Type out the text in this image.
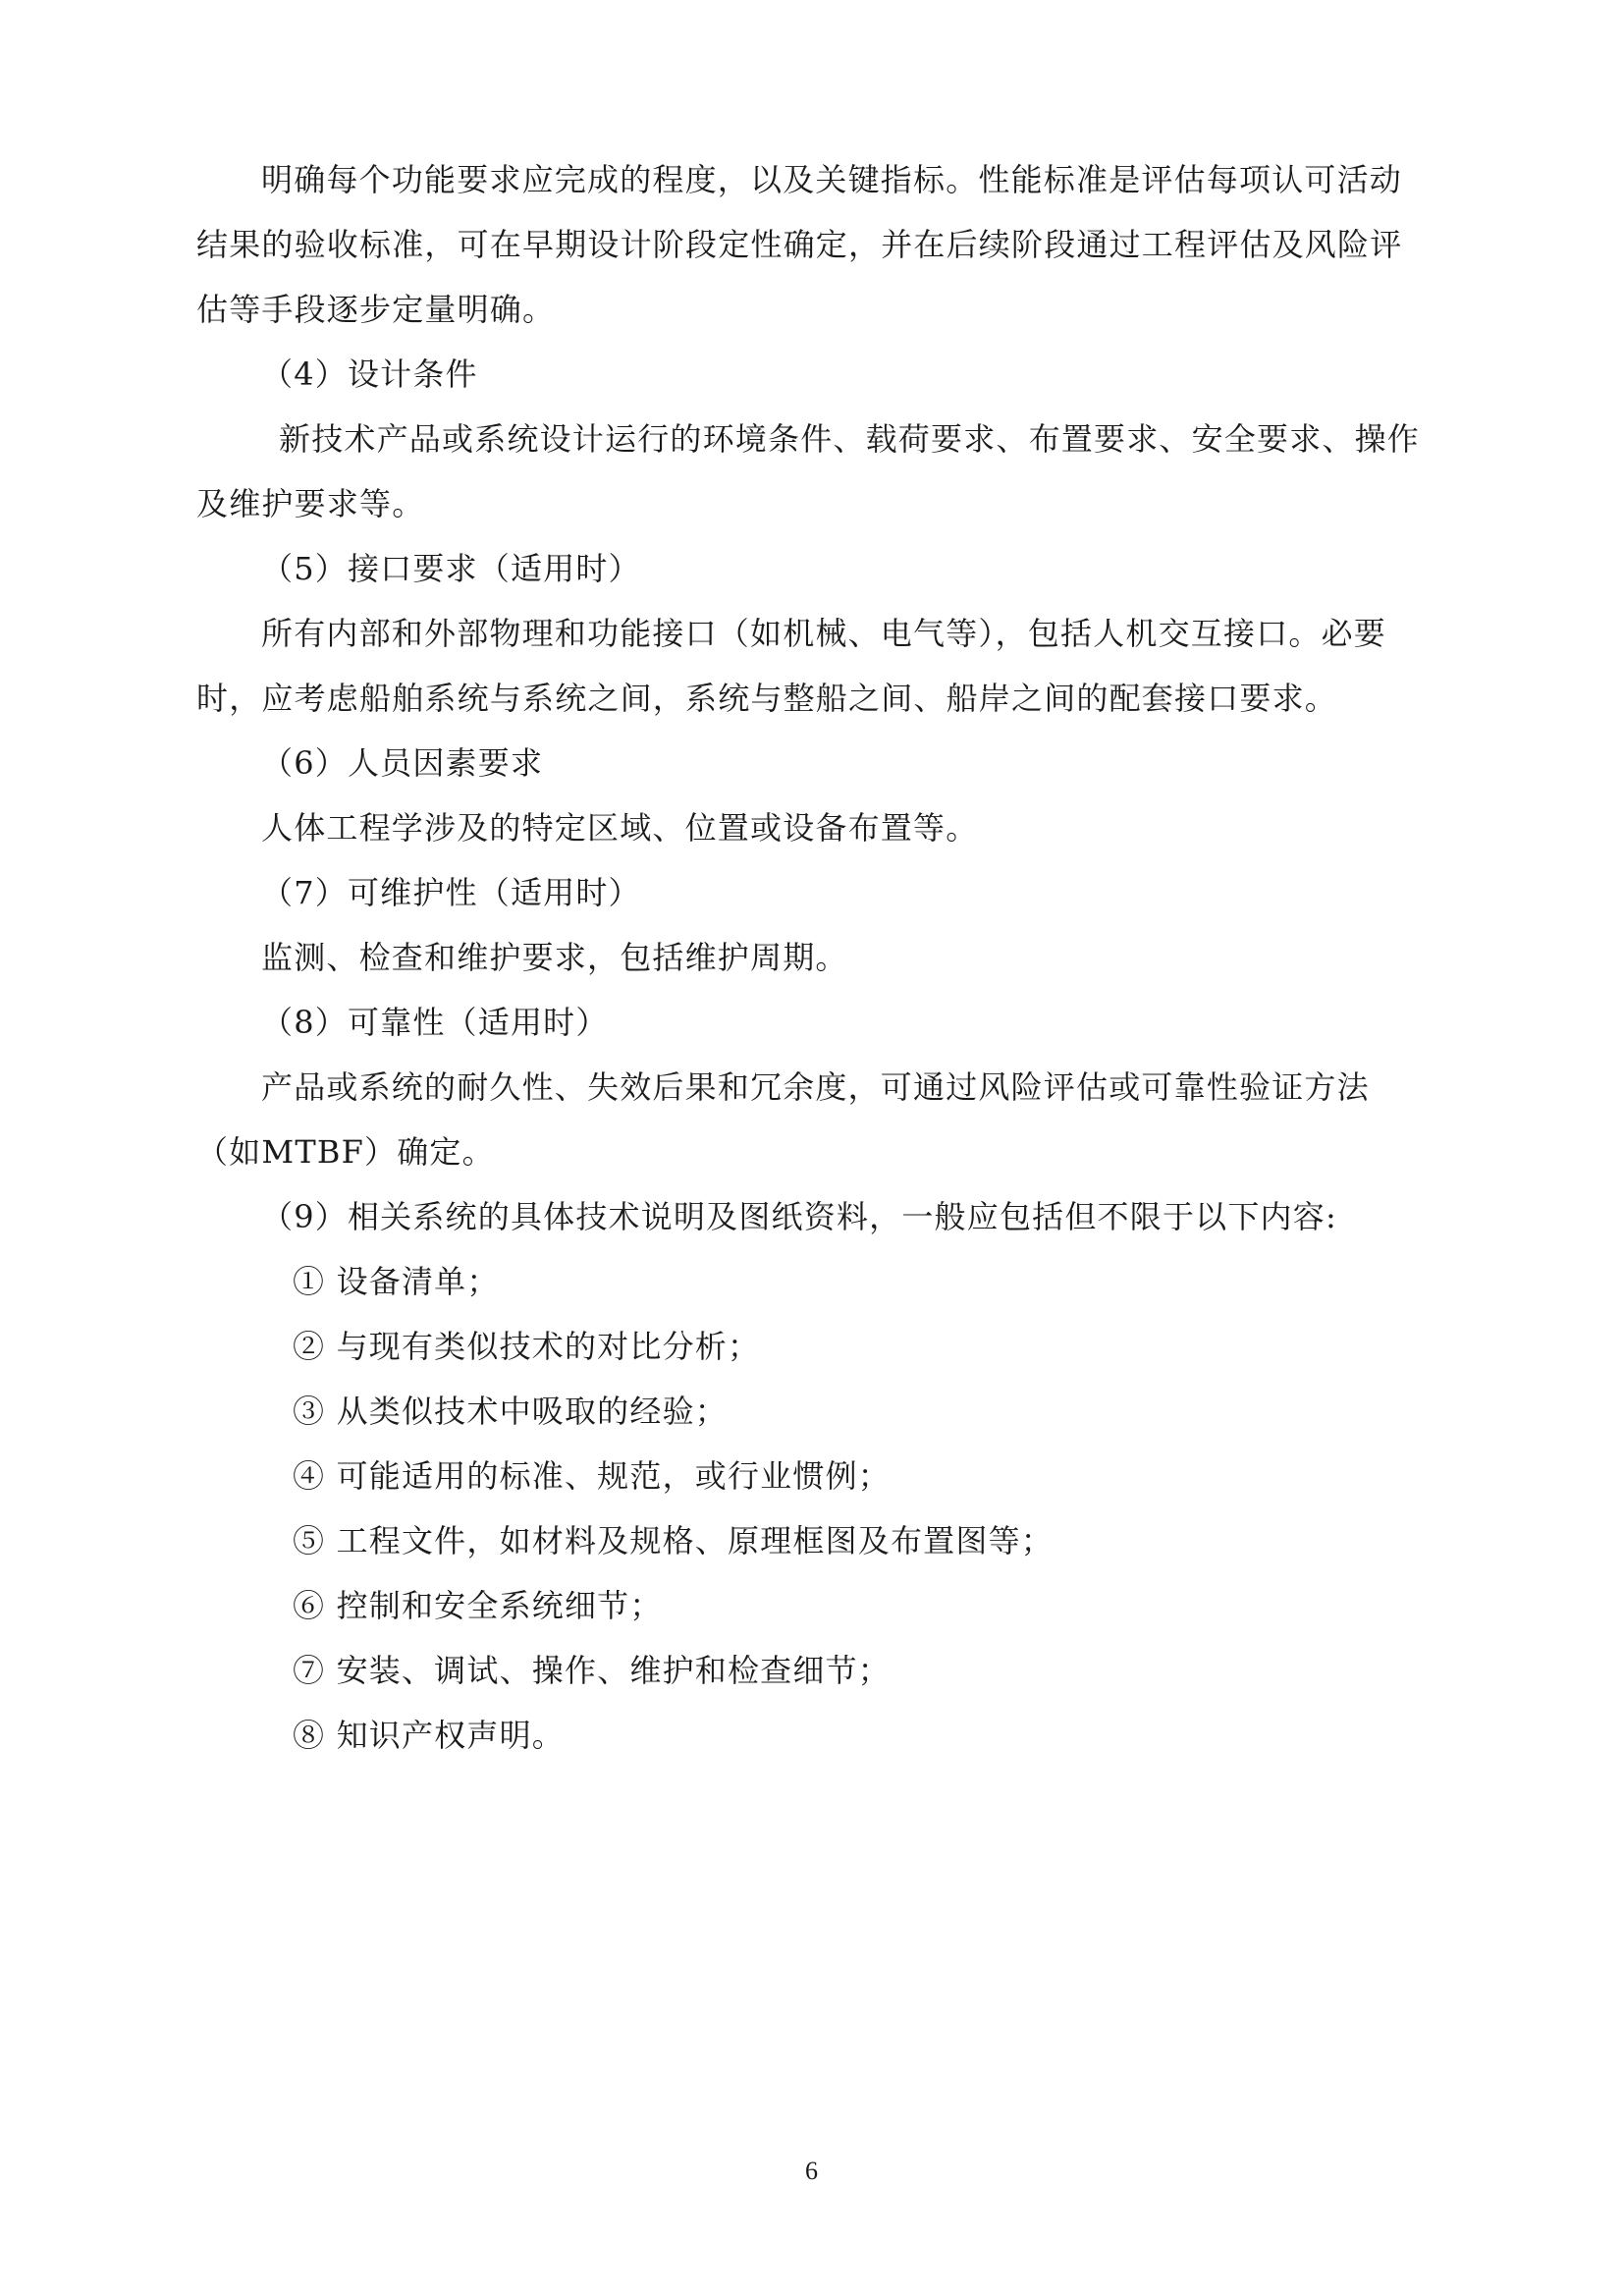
明确每个功能要求应完成的程度，以及关键指标。性能标准是评估每项认可活动
结果的验收标准，可在早期设计阶段定性确定，并在后续阶段通过工程评估及风险评
估等手段逐步定量明确。
（4）设计条件
新技术产品或系统设计运行的环境条件、载荷要求、布置要求、安全要求、操作
及维护要求等。
（5）接口要求（适用时）
所有内部和外部物理和功能接口（如机械、电气等），包括人机交互接口。必要
时，应考虑船舶系统与系统之间，系统与整船之间、船岸之间的配套接口要求。
（6）人员因素要求
人体工程学涉及的特定区域、位置或设备布置等。
（7）可维护性（适用时）
监测、检查和维护要求，包括维护周期。
（8）可靠性（适用时）
产品或系统的耐久性、失效后果和冗余度，可通过风险评估或可靠性验证方法
（如MTBF）确定。
（9）相关系统的具体技术说明及图纸资料，一般应包括但不限于以下内容:
① 设备清单；
② 与现有类似技术的对比分析；
③ 从类似技术中吸取的经验；
④ 可能适用的标准、规范，或行业惯例；
⑤ 工程文件，如材料及规格、原理框图及布置图等；
⑥ 控制和安全系统细节；
⑦ 安装、调试、操作、维护和检查细节；
⑧ 知识产权声明。
6
